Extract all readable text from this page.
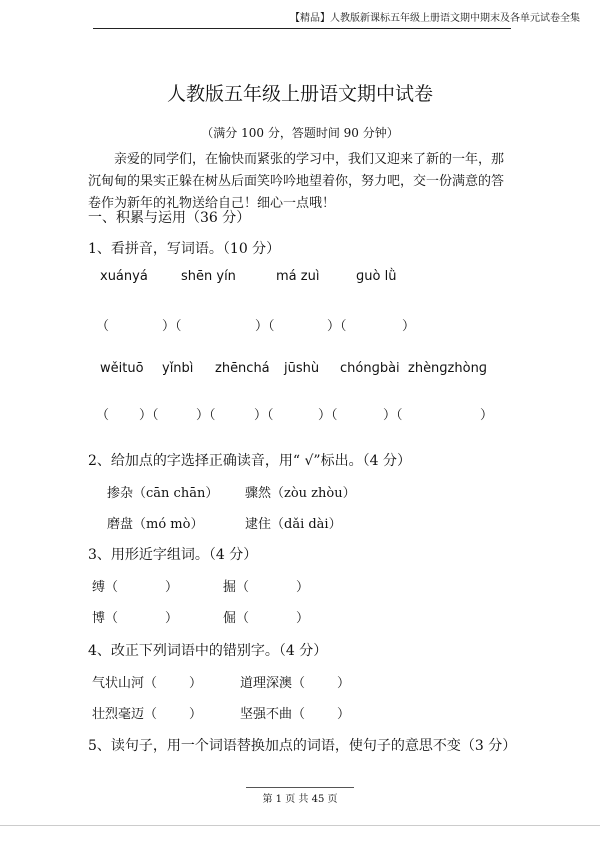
【精品】人教版新课标五年级上册语文期中期末及各单元试卷全集
人教版五年级上册语文期中试卷
（满分 100 分，答题时间 90 分钟）
亲爱的同学们，在愉快而紧张的学习中，我们又迎来了新的一年，那沉甸甸的果实正躲在树丛后面笑吟吟地望着你，努力吧，交一份满意的答卷作为新年的礼物送给自己！细心一点哦！
一、积累与运用（36 分）
1、看拼音，写词语。（10 分）
xuányá	shēn yín	má zuì	ɡuò lǜ
（	）（	）（	）（	）
wěituō yǐnbì zhēnchá jūshù chónɡbài zhènɡzhònɡ
（ ）（	）（	）（	）（	）（	）
2、给加点的字选择正确读音，用“ √”标出。（4 分）
掺杂（cān chān） 骤然（zòu zhòu）
磨盘（mó mò）	逮住（dǎi dài）
3、用形近字组词。（4 分）
缚（	）	掘（	）
博（	）	倔（	）
4、改正下列词语中的错别字。（4 分）
气状山河（ ）	道理深澳（ ）
壮烈毫迈（ ）	坚强不曲（ ）
5、读句子，用一个词语替换加点的词语，使句子的意思不变（3 分）
第 1 页 共 45 页
